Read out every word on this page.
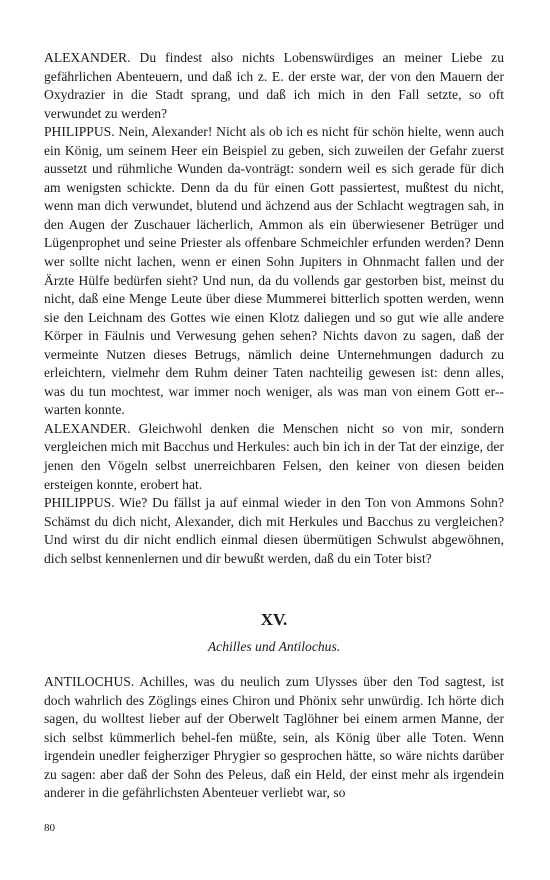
ALEXANDER. Du findest also nichts Lobenswürdiges an meiner Liebe zu gefährlichen Abenteuern, und daß ich z. E. der erste war, der von den Mauern der Oxydrazier in die Stadt sprang, und daß ich mich in den Fall setzte, so oft verwundet zu werden?

PHILIPPUS. Nein, Alexander! Nicht als ob ich es nicht für schön hielte, wenn auch ein König, um seinem Heer ein Beispiel zu geben, sich zuweilen der Gefahr zuerst aussetzt und rühmliche Wunden da-vonträgt: sondern weil es sich gerade für dich am wenigsten schickte. Denn da du für einen Gott passiertest, mußtest du nicht, wenn man dich verwundet, blutend und ächzend aus der Schlacht wegtragen sah, in den Augen der Zuschauer lächerlich, Ammon als ein überwiesener Betrüger und Lügenprophet und seine Priester als offenbare Schmeichler erfunden werden? Denn wer sollte nicht lachen, wenn er einen Sohn Jupiters in Ohnmacht fallen und der Ärzte Hülfe bedürfen sieht? Und nun, da du vollends gar gestorben bist, meinst du nicht, daß eine Menge Leute über diese Mummerei bitterlich spotten werden, wenn sie den Leichnam des Gottes wie einen Klotz daliegen und so gut wie alle andere Körper in Fäulnis und Verwesung gehen sehen? Nichts davon zu sagen, daß der vermeinte Nutzen dieses Betrugs, nämlich deine Unternehmungen dadurch zu erleichtern, vielmehr dem Ruhm deiner Taten nachteilig gewesen ist: denn alles, was du tun mochtest, war immer noch weniger, als was man von einem Gott er-warten konnte.

ALEXANDER. Gleichwohl denken die Menschen nicht so von mir, sondern vergleichen mich mit Bacchus und Herkules: auch bin ich in der Tat der einzige, der jenen den Vögeln selbst unerreichbaren Felsen, den keiner von diesen beiden ersteigen konnte, erobert hat.

PHILIPPUS. Wie? Du fällst ja auf einmal wieder in den Ton von Ammons Sohn? Schämst du dich nicht, Alexander, dich mit Herkules und Bacchus zu vergleichen? Und wirst du dir nicht endlich einmal diesen übermütigen Schwulst abgewöhnen, dich selbst kennenlernen und dir bewußt werden, daß du ein Toter bist?

XV.
Achilles und Antilochus.

ANTILOCHUS. Achilles, was du neulich zum Ulysses über den Tod sagtest, ist doch wahrlich des Zöglings eines Chiron und Phönix sehr unwürdig. Ich hörte dich sagen, du wolltest lieber auf der Oberwelt Taglöhner bei einem armen Manne, der sich selbst kümmerlich behel-fen müßte, sein, als König über alle Toten. Wenn irgendein unedler feigherziger Phrygier so gesprochen hätte, so wäre nichts darüber zu sagen: aber daß der Sohn des Peleus, daß ein Held, der einst mehr als irgendein anderer in die gefährlichsten Abenteuer verliebt war, so

80
